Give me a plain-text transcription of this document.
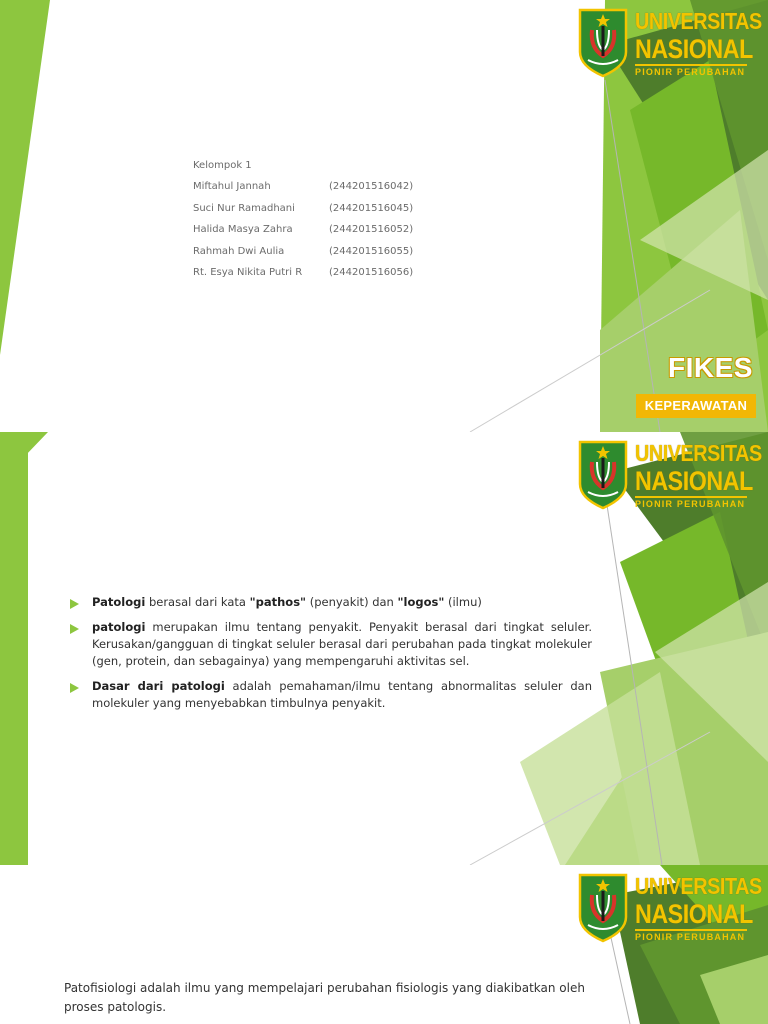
UNIVERSITAS
NASIONAL
PIONIR PERUBAHAN
Kelompok 1
Miftahul Jannah	(244201516042)
Suci Nur Ramadhani	(244201516045)
Halida Masya Zahra	(244201516052)
Rahmah Dwi Aulia	(244201516055)
Rt. Esya Nikita Putri R	(244201516056)
FIKES
KEPERAWATAN
UNIVERSITAS
NASIONAL
PIONIR PERUBAHAN
Patologi berasal dari kata "pathos" (penyakit) dan "logos" (ilmu)
patologi merupakan ilmu tentang penyakit. Penyakit berasal dari tingkat seluler. Kerusakan/gangguan di tingkat seluler berasal dari perubahan pada tingkat molekuler (gen, protein, dan sebagainya) yang mempengaruhi aktivitas sel.
Dasar dari patologi adalah pemahaman/ilmu tentang abnormalitas seluler dan molekuler yang menyebabkan timbulnya penyakit.
UNIVERSITAS
NASIONAL
PIONIR PERUBAHAN
Patofisiologi adalah ilmu yang mempelajari perubahan fisiologis yang diakibatkan oleh proses patologis.
